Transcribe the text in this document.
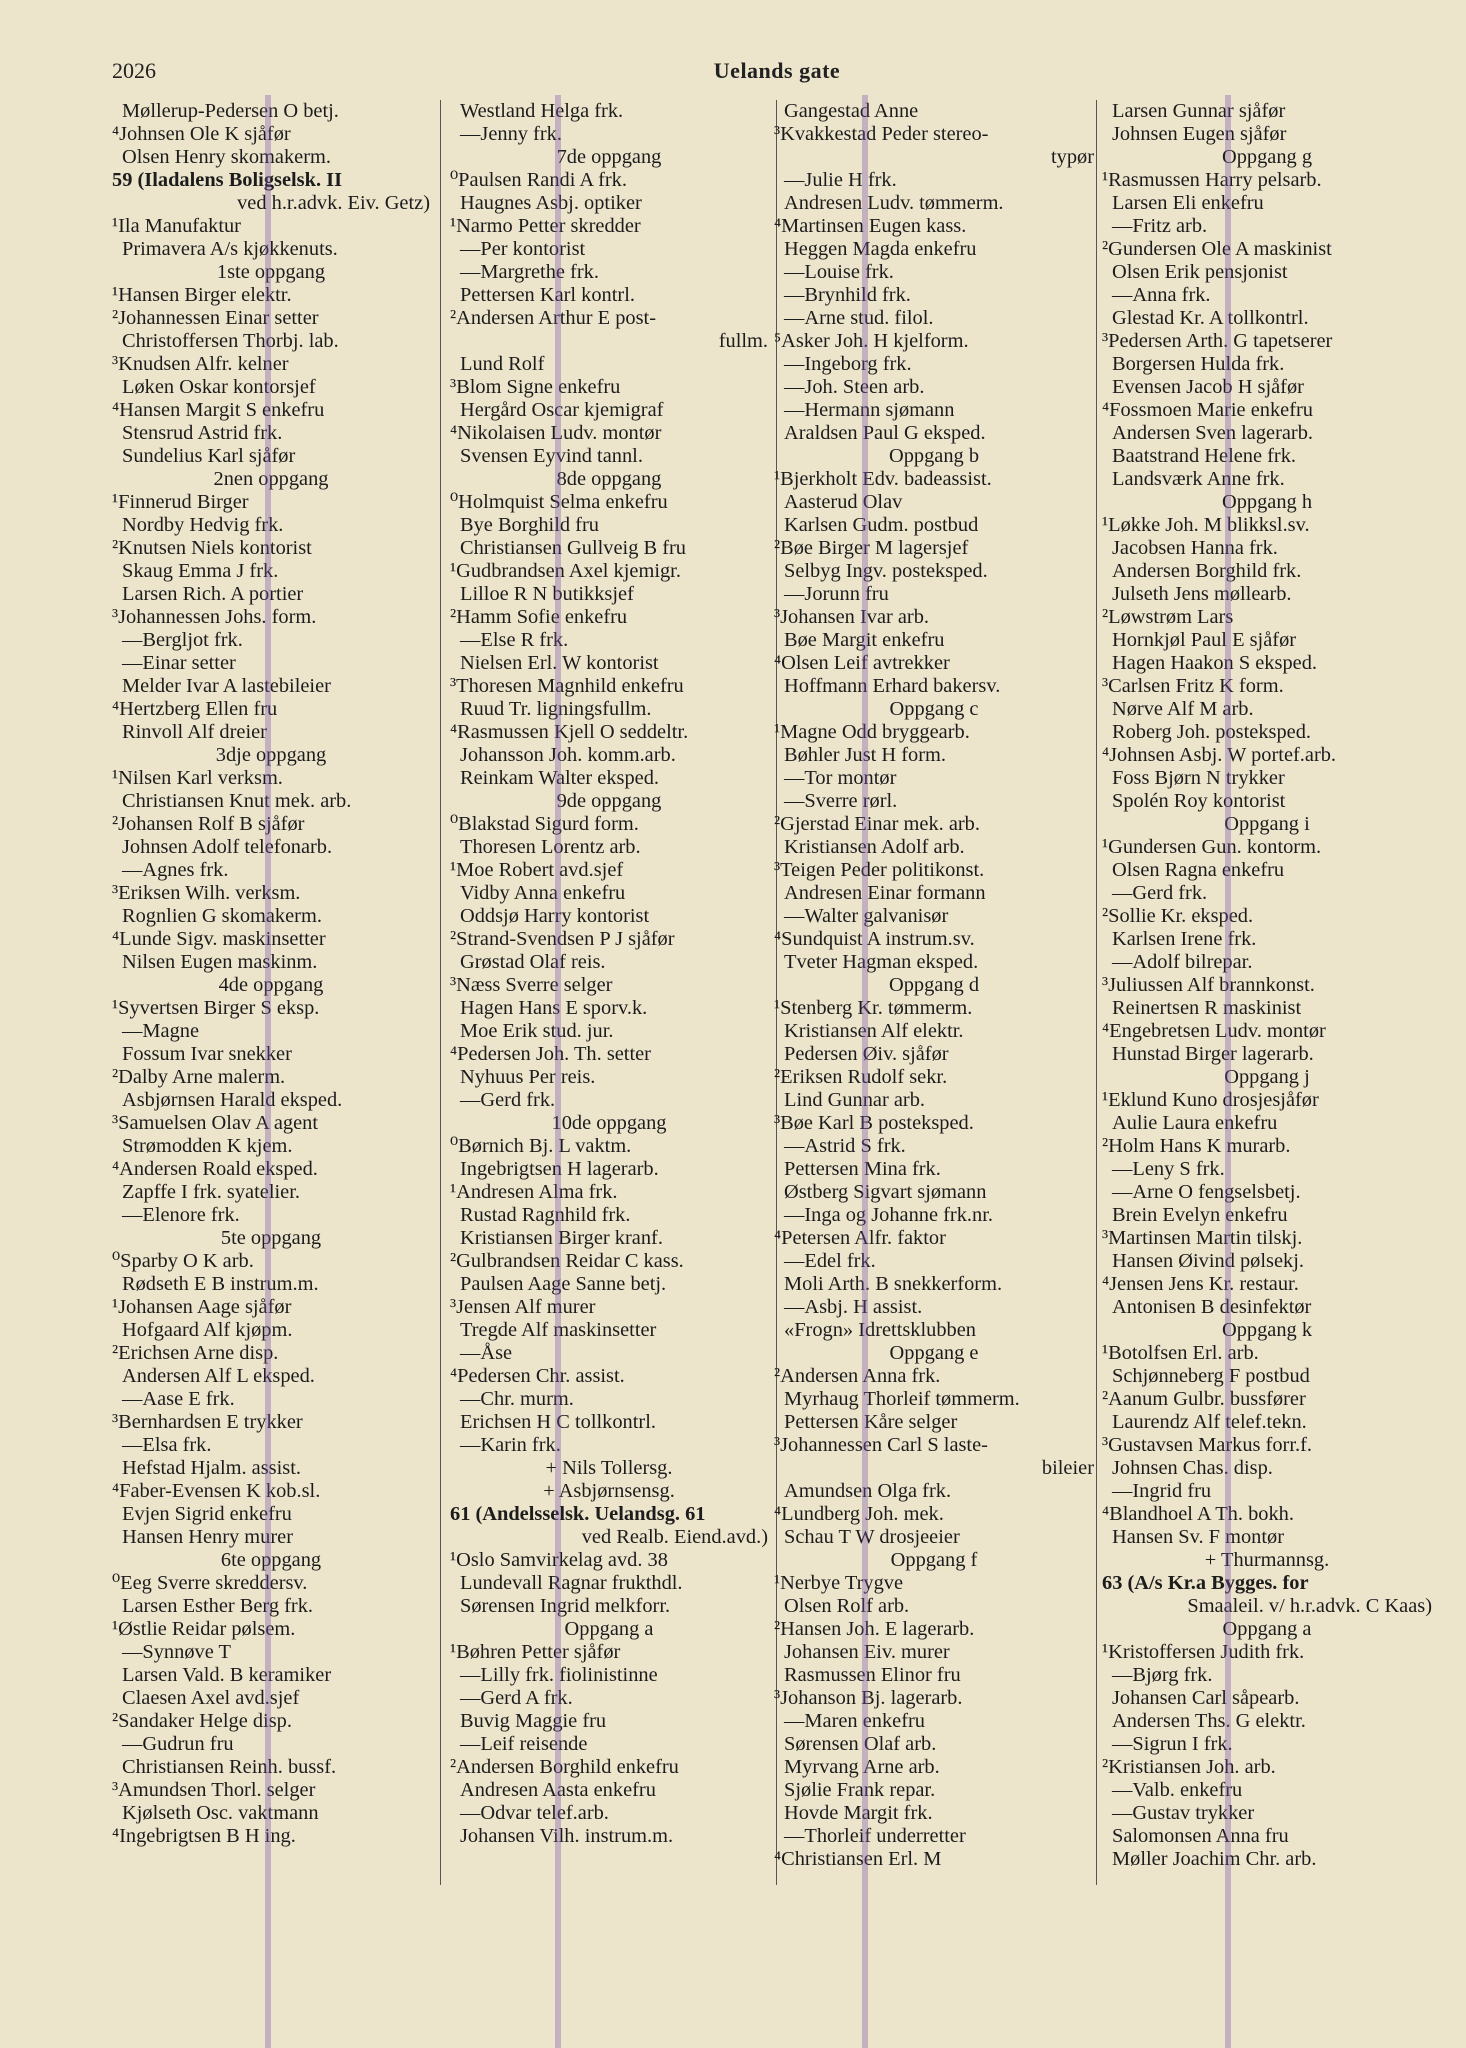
2026	Uelands gate
Møllerup-Pedersen O betj.
⁴Johnsen Ole K sjåfør
Olsen Henry skomakerm.
59 (Iladalens Boligselsk. II
ved h.r.advk. Eiv. Getz)
¹Ila Manufaktur
Primavera A/s kjøkkenuts.
1ste oppgang
¹Hansen Birger elektr.
²Johannessen Einar setter
Christoffersen Thorbj. lab.
³Knudsen Alfr. kelner
Løken Oskar kontorsjef
⁴Hansen Margit S enkefru
Stensrud Astrid frk.
Sundelius Karl sjåfør
2nen oppgang
¹Finnerud Birger
Nordby Hedvig frk.
²Knutsen Niels kontorist
Skaug Emma J frk.
Larsen Rich. A portier
³Johannessen Johs. form.
—Bergljot frk.
—Einar setter
Melder Ivar A lastebileier
⁴Hertzberg Ellen fru
Rinvoll Alf dreier
3dje oppgang
¹Nilsen Karl verksm.
Christiansen Knut mek. arb.
²Johansen Rolf B sjåfør
Johnsen Adolf telefonarb.
—Agnes frk.
³Eriksen Wilh. verksm.
Rognlien G skomakerm.
⁴Lunde Sigv. maskinsetter
Nilsen Eugen maskinm.
4de oppgang
¹Syvertsen Birger S eksp.
—Magne
Fossum Ivar snekker
²Dalby Arne malerm.
Asbjørnsen Harald eksped.
³Samuelsen Olav A agent
Strømodden K kjem.
⁴Andersen Roald eksped.
Zapffe I frk. syatelier.
—Elenore frk.
5te oppgang
⁰Sparby O K arb.
Rødseth E B instrum.m.
¹Johansen Aage sjåfør
Hofgaard Alf kjøpm.
²Erichsen Arne disp.
Andersen Alf L eksped.
—Aase E frk.
³Bernhardsen E trykker
—Elsa frk.
Hefstad Hjalm. assist.
⁴Faber-Evensen K kob.sl.
Evjen Sigrid enkefru
Hansen Henry murer
6te oppgang
⁰Eeg Sverre skreddersv.
Larsen Esther Berg frk.
¹Østlie Reidar pølsem.
—Synnøve T
Larsen Vald. B keramiker
Claesen Axel avd.sjef
²Sandaker Helge disp.
—Gudrun fru
Christiansen Reinh. bussf.
³Amundsen Thorl. selger
Kjølseth Osc. vaktmann
⁴Ingebrigtsen B H ing.
Westland Helga frk.
—Jenny frk.
7de oppgang
⁰Paulsen Randi A frk.
Haugnes Asbj. optiker
¹Narmo Petter skredder
—Per kontorist
—Margrethe frk.
Pettersen Karl kontrl.
²Andersen Arthur E post-
fullm.
Lund Rolf
³Blom Signe enkefru
Hergård Oscar kjemigraf
⁴Nikolaisen Ludv. montør
Svensen Eyvind tannl.
8de oppgang
⁰Holmquist Selma enkefru
Bye Borghild fru
Christiansen Gullveig B fru
¹Gudbrandsen Axel kjemigr.
Lilloe R N butikksjef
²Hamm Sofie enkefru
—Else R frk.
Nielsen Erl. W kontorist
³Thoresen Magnhild enkefru
Ruud Tr. ligningsfullm.
⁴Rasmussen Kjell O seddeltr.
Johansson Joh. komm.arb.
Reinkam Walter eksped.
9de oppgang
⁰Blakstad Sigurd form.
Thoresen Lorentz arb.
¹Moe Robert avd.sjef
Vidby Anna enkefru
Oddsjø Harry kontorist
²Strand-Svendsen P J sjåfør
Grøstad Olaf reis.
³Næss Sverre selger
Hagen Hans E sporv.k.
Moe Erik stud. jur.
⁴Pedersen Joh. Th. setter
Nyhuus Per reis.
—Gerd frk.
10de oppgang
⁰Børnich Bj. L vaktm.
Ingebrigtsen H lagerarb.
¹Andresen Alma frk.
Rustad Ragnhild frk.
Kristiansen Birger kranf.
²Gulbrandsen Reidar C kass.
Paulsen Aage Sanne betj.
³Jensen Alf murer
Tregde Alf maskinsetter
—Åse
⁴Pedersen Chr. assist.
—Chr. murm.
Erichsen H C tollkontrl.
—Karin frk.
+ Nils Tollersg.
+ Asbjørnsensg.
61 (Andelsselsk. Uelandsg. 61
ved Realb. Eiend.avd.)
¹Oslo Samvirkelag avd. 38
Lundevall Ragnar frukthdl.
Sørensen Ingrid melkforr.
Oppgang a
¹Bøhren Petter sjåfør
—Lilly frk. fiolinistinne
—Gerd A frk.
Buvig Maggie fru
—Leif reisende
²Andersen Borghild enkefru
Andresen Aasta enkefru
—Odvar telef.arb.
Johansen Vilh. instrum.m.
Gangestad Anne
³Kvakkestad Peder stereo-
typør
—Julie H frk.
Andresen Ludv. tømmerm.
⁴Martinsen Eugen kass.
Heggen Magda enkefru
—Louise frk.
—Brynhild frk.
—Arne stud. filol.
⁵Asker Joh. H kjelform.
—Ingeborg frk.
—Joh. Steen arb.
—Hermann sjømann
Araldsen Paul G eksped.
Oppgang b
¹Bjerkholt Edv. badeassist.
Aasterud Olav
Karlsen Gudm. postbud
²Bøe Birger M lagersjef
Selbyg Ingv. posteksped.
—Jorunn fru
³Johansen Ivar arb.
Bøe Margit enkefru
⁴Olsen Leif avtrekker
Hoffmann Erhard bakersv.
Oppgang c
¹Magne Odd bryggearb.
Bøhler Just H form.
—Tor montør
—Sverre rørl.
²Gjerstad Einar mek. arb.
Kristiansen Adolf arb.
³Teigen Peder politikonst.
Andresen Einar formann
—Walter galvanisør
⁴Sundquist A instrum.sv.
Tveter Hagman eksped.
Oppgang d
¹Stenberg Kr. tømmerm.
Kristiansen Alf elektr.
Pedersen Øiv. sjåfør
²Eriksen Rudolf sekr.
Lind Gunnar arb.
³Bøe Karl B posteksped.
—Astrid S frk.
Pettersen Mina frk.
Østberg Sigvart sjømann
—Inga og Johanne frk.nr.
⁴Petersen Alfr. faktor
—Edel frk.
Moli Arth. B snekkerform.
—Asbj. H assist.
«Frogn» Idrettsklubben
Oppgang e
²Andersen Anna frk.
Myrhaug Thorleif tømmerm.
Pettersen Kåre selger
³Johannessen Carl S laste-
bileier
Amundsen Olga frk.
⁴Lundberg Joh. mek.
Schau T W drosjeeier
Oppgang f
¹Nerbye Trygve
Olsen Rolf arb.
²Hansen Joh. E lagerarb.
Johansen Eiv. murer
Rasmussen Elinor fru
³Johanson Bj. lagerarb.
—Maren enkefru
Sørensen Olaf arb.
Myrvang Arne arb.
Sjølie Frank repar.
Hovde Margit frk.
—Thorleif underretter
⁴Christiansen Erl. M
Larsen Gunnar sjåfør
Johnsen Eugen sjåfør
Oppgang g
¹Rasmussen Harry pelsarb.
Larsen Eli enkefru
—Fritz arb.
²Gundersen Ole A maskinist
Olsen Erik pensjonist
—Anna frk.
Glestad Kr. A tollkontrl.
³Pedersen Arth. G tapetserer
Borgersen Hulda frk.
Evensen Jacob H sjåfør
⁴Fossmoen Marie enkefru
Andersen Sven lagerarb.
Baatstrand Helene frk.
Landsværk Anne frk.
Oppgang h
¹Løkke Joh. M blikksl.sv.
Jacobsen Hanna frk.
Andersen Borghild frk.
Julseth Jens møllearb.
²Løwstrøm Lars
Hornkjøl Paul E sjåfør
Hagen Haakon S eksped.
³Carlsen Fritz K form.
Nørve Alf M arb.
Roberg Joh. posteksped.
⁴Johnsen Asbj. W portef.arb.
Foss Bjørn N trykker
Spolén Roy kontorist
Oppgang i
¹Gundersen Gun. kontorm.
Olsen Ragna enkefru
—Gerd frk.
²Sollie Kr. eksped.
Karlsen Irene frk.
—Adolf bilrepar.
³Juliussen Alf brannkonst.
Reinertsen R maskinist
⁴Engebretsen Ludv. montør
Hunstad Birger lagerarb.
Oppgang j
¹Eklund Kuno drosjesjåfør
Aulie Laura enkefru
²Holm Hans K murarb.
—Leny S frk.
—Arne O fengselsbetj.
Brein Evelyn enkefru
³Martinsen Martin tilskj.
Hansen Øivind pølsekj.
⁴Jensen Jens Kr. restaur.
Antonisen B desinfektør
Oppgang k
¹Botolfsen Erl. arb.
Schjønneberg F postbud
²Aanum Gulbr. bussfører
Laurendz Alf telef.tekn.
³Gustavsen Markus forr.f.
Johnsen Chas. disp.
—Ingrid fru
⁴Blandhoel A Th. bokh.
Hansen Sv. F montør
+ Thurmannsg.
63 (A/s Kr.a Bygges. for
Smaaleil. v/ h.r.advk. C Kaas)
Oppgang a
¹Kristoffersen Judith frk.
—Bjørg frk.
Johansen Carl såpearb.
Andersen Ths. G elektr.
—Sigrun I frk.
²Kristiansen Joh. arb.
—Valb. enkefru
—Gustav trykker
Salomonsen Anna fru
Møller Joachim Chr. arb.
